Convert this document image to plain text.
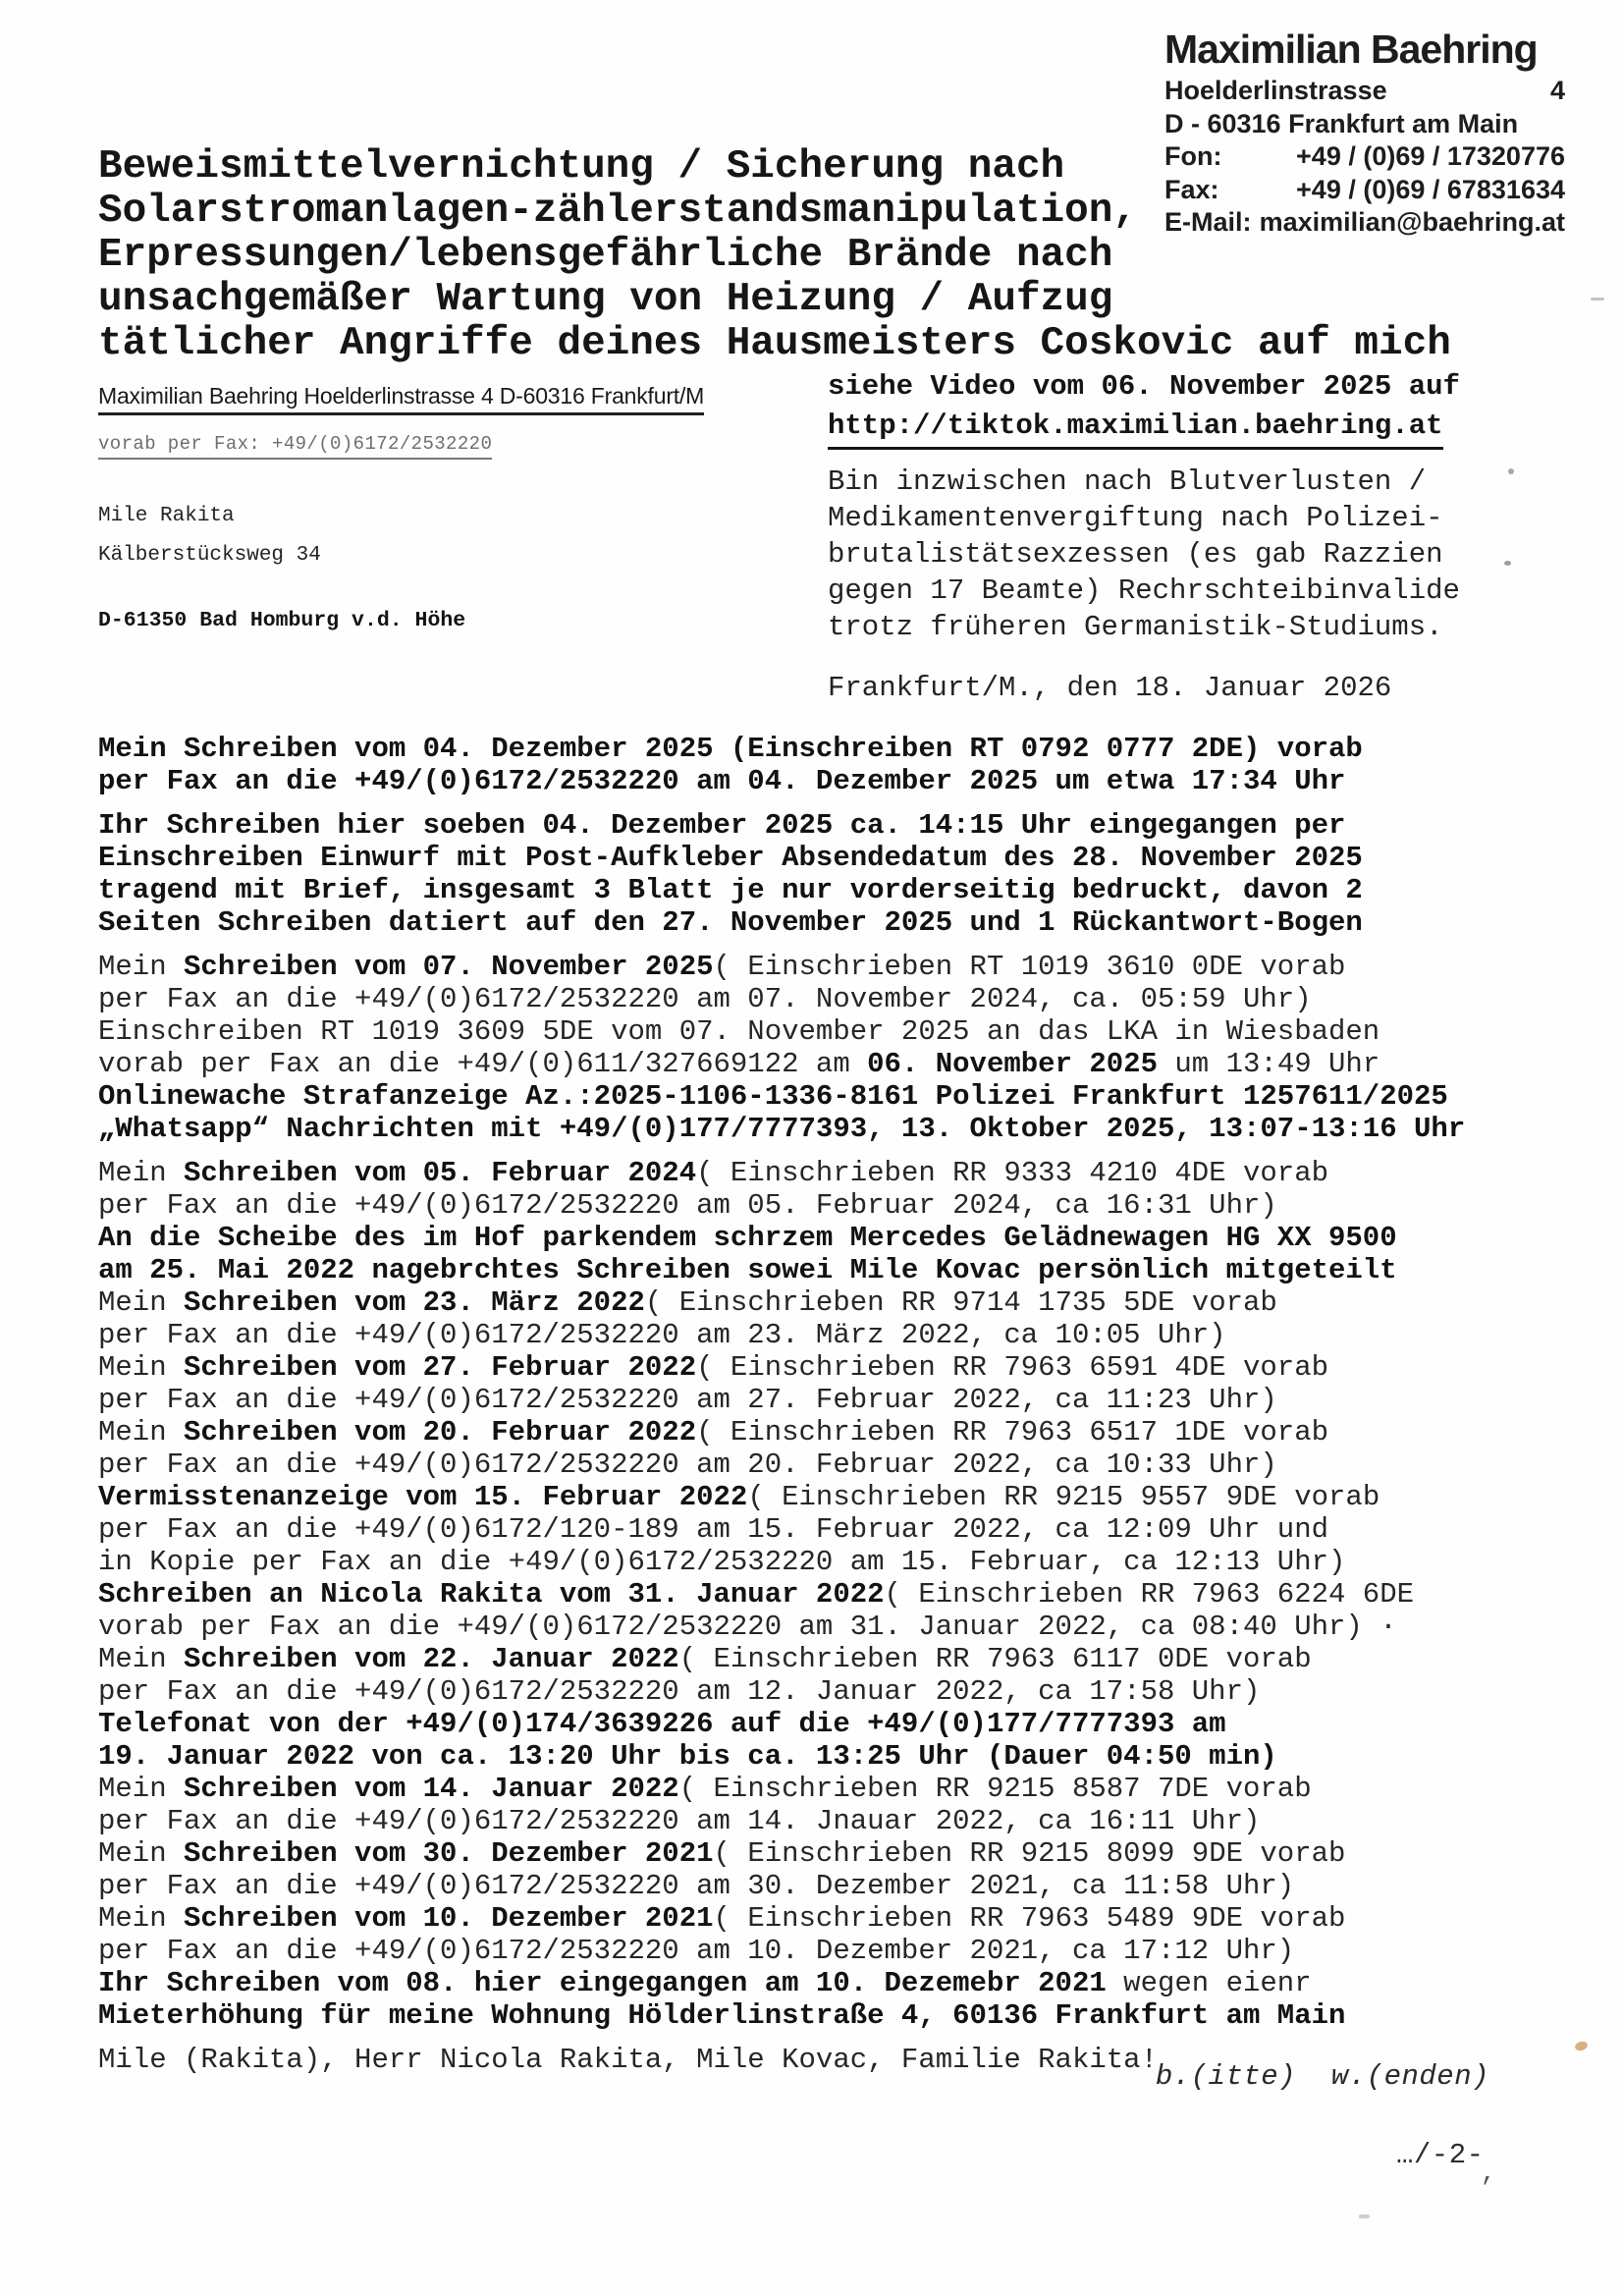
Maximilian Baehring
Hoelderlinstrasse	4
D - 60316 Frankfurt am Main
Fon:	+49 / (0)69 / 17320776
Fax:	+49 / (0)69 / 67831634
E-Mail: maximilian@baehring.at
Beweismittelvernichtung / Sicherung nach
Solarstromanlagen-zählerstandsmanipulation,
Erpressungen/lebensgefährliche Brände nach
unsachgemäßer Wartung von Heizung / Aufzug
tätlicher Angriffe deines Hausmeisters Coskovic auf mich
Maximilian Baehring Hoelderlinstrasse 4 D-60316 Frankfurt/M
vorab per Fax: +49/(0)6172/2532220
Mile Rakita
Kälberstücksweg 34
D-61350 Bad Homburg v.d. Höhe
siehe Video vom 06. November 2025 auf
http://tiktok.maximilian.baehring.at
Bin inzwischen nach Blutverlusten /
Medikamentenvergiftung nach Polizei-
brutalistätsexzessen (es gab Razzien
gegen 17 Beamte) Rechrschteibinvalide
trotz früheren Germanistik-Studiums.
Frankfurt/M., den 18. Januar 2026
Mein Schreiben vom 04. Dezember 2025 (Einschreiben RT 0792 0777 2DE) vorab
per Fax an die +49/(0)6172/2532220 am 04. Dezember 2025 um etwa 17:34 Uhr
Ihr Schreiben hier soeben 04. Dezember 2025 ca. 14:15 Uhr eingegangen per
Einschreiben Einwurf mit Post-Aufkleber Absendedatum des 28. November 2025
tragend mit Brief, insgesamt 3 Blatt je nur vorderseitig bedruckt, davon 2
Seiten Schreiben datiert auf den 27. November 2025 und 1 Rückantwort-Bogen
Mein Schreiben vom 07. November 2025( Einschrieben RT 1019 3610 0DE vorab
per Fax an die +49/(0)6172/2532220 am 07. November 2024, ca. 05:59 Uhr)
Einschreiben RT 1019 3609 5DE vom 07. November 2025 an das LKA in Wiesbaden
vorab per Fax an die +49/(0)611/327669122 am 06. November 2025 um 13:49 Uhr
Onlinewache Strafanzeige Az.:2025-1106-1336-8161 Polizei Frankfurt 1257611/2025
„Whatsapp“ Nachrichten mit +49/(0)177/7777393, 13. Oktober 2025, 13:07-13:16 Uhr
Mein Schreiben vom 05. Februar 2024( Einschrieben RR 9333 4210 4DE vorab
per Fax an die +49/(0)6172/2532220 am 05. Februar 2024, ca 16:31 Uhr)
An die Scheibe des im Hof parkendem schrzem Mercedes Gelädnewagen HG XX 9500
am 25. Mai 2022 nagebrchtes Schreiben sowei Mile Kovac persönlich mitgeteilt
Mein Schreiben vom 23. März 2022( Einschrieben RR 9714 1735 5DE vorab
per Fax an die +49/(0)6172/2532220 am 23. März 2022, ca 10:05 Uhr)
Mein Schreiben vom 27. Februar 2022( Einschrieben RR 7963 6591 4DE vorab
per Fax an die +49/(0)6172/2532220 am 27. Februar 2022, ca 11:23 Uhr)
Mein Schreiben vom 20. Februar 2022( Einschrieben RR 7963 6517 1DE vorab
per Fax an die +49/(0)6172/2532220 am 20. Februar 2022, ca 10:33 Uhr)
Vermisstenanzeige vom 15. Februar 2022( Einschrieben RR 9215 9557 9DE vorab
per Fax an die +49/(0)6172/120-189 am 15. Februar 2022, ca 12:09 Uhr und
in Kopie per Fax an die +49/(0)6172/2532220 am 15. Februar, ca 12:13 Uhr)
Schreiben an Nicola Rakita vom 31. Januar 2022( Einschrieben RR 7963 6224 6DE
vorab per Fax an die +49/(0)6172/2532220 am 31. Januar 2022, ca 08:40 Uhr) ·
Mein Schreiben vom 22. Januar 2022( Einschrieben RR 7963 6117 0DE vorab
per Fax an die +49/(0)6172/2532220 am 12. Januar 2022, ca 17:58 Uhr)
Telefonat von der +49/(0)174/3639226 auf die +49/(0)177/7777393 am
19. Januar 2022 von ca. 13:20 Uhr bis ca. 13:25 Uhr (Dauer 04:50 min)
Mein Schreiben vom 14. Januar 2022( Einschrieben RR 9215 8587 7DE vorab
per Fax an die +49/(0)6172/2532220 am 14. Jnauar 2022, ca 16:11 Uhr)
Mein Schreiben vom 30. Dezember 2021( Einschrieben RR 9215 8099 9DE vorab
per Fax an die +49/(0)6172/2532220 am 30. Dezember 2021, ca 11:58 Uhr)
Mein Schreiben vom 10. Dezember 2021( Einschrieben RR 7963 5489 9DE vorab
per Fax an die +49/(0)6172/2532220 am 10. Dezember 2021, ca 17:12 Uhr)
Ihr Schreiben vom 08. hier eingegangen am 10. Dezemebr 2021 wegen eienr
Mieterhöhung für meine Wohnung Hölderlinstraße 4, 60136 Frankfurt am Main
Mile (Rakita), Herr Nicola Rakita, Mile Kovac, Familie Rakita!
b.(itte)  w.(enden)
…/-2-
,
